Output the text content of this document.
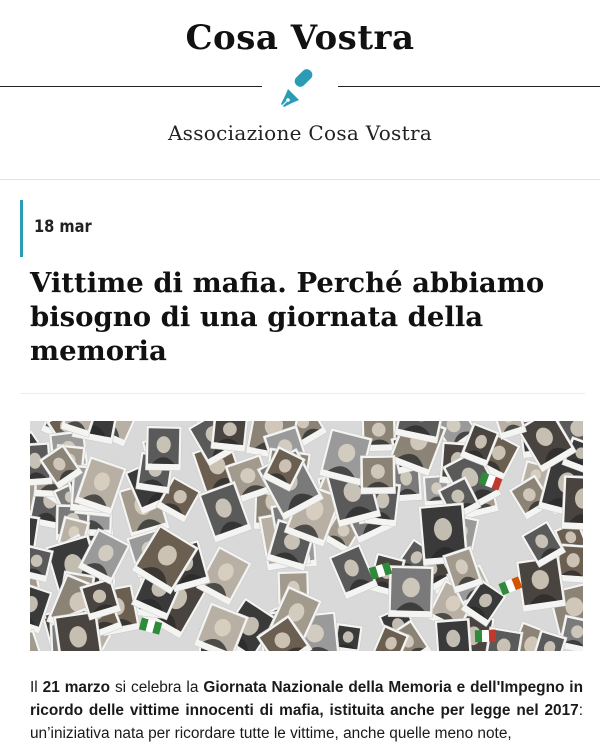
Cosa Vostra
Associazione Cosa Vostra
18 mar
Vittime di mafia. Perché abbiamo bisogno di una giornata della memoria

Il 21 marzo si celebra la Giornata Nazionale della Memoria e dell'Impegno in ricordo delle vittime innocenti di mafia, istituita anche per legge nel 2017: un’iniziativa nata per ricordare tutte le vittime, anche quelle meno note,
